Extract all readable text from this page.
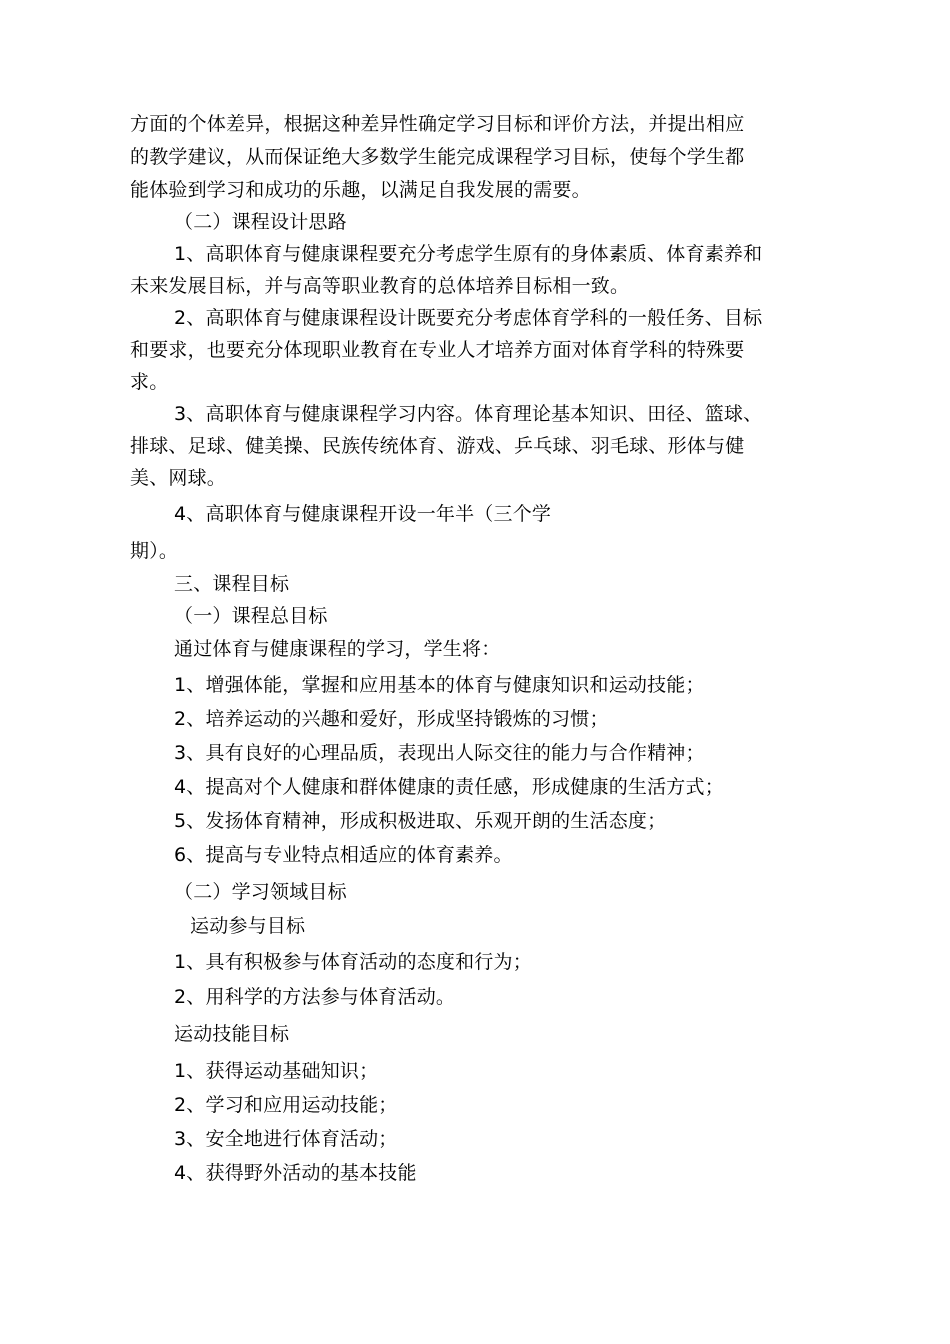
方面的个体差异，根据这种差异性确定学习目标和评价方法，并提出相应
的教学建议，从而保证绝大多数学生能完成课程学习目标，使每个学生都
能体验到学习和成功的乐趣，以满足自我发展的需要。
（二）课程设计思路
1、高职体育与健康课程要充分考虑学生原有的身体素质、体育素养和
未来发展目标，并与高等职业教育的总体培养目标相一致。
2、高职体育与健康课程设计既要充分考虑体育学科的一般任务、目标
和要求，也要充分体现职业教育在专业人才培养方面对体育学科的特殊要
求。
3、高职体育与健康课程学习内容。体育理论基本知识、田径、篮球、
排球、足球、健美操、民族传统体育、游戏、乒乓球、羽毛球、形体与健
美、网球。
4、高职体育与健康课程开设一年半（三个学
期）。
三、课程目标
（一）课程总目标
通过体育与健康课程的学习，学生将：
1、增强体能，掌握和应用基本的体育与健康知识和运动技能；
2、培养运动的兴趣和爱好，形成坚持锻炼的习惯；
3、具有良好的心理品质，表现出人际交往的能力与合作精神；
4、提高对个人健康和群体健康的责任感，形成健康的生活方式；
5、发扬体育精神，形成积极进取、乐观开朗的生活态度；
6、提高与专业特点相适应的体育素养。
（二）学习领域目标
运动参与目标
1、具有积极参与体育活动的态度和行为；
2、用科学的方法参与体育活动。
运动技能目标
1、获得运动基础知识；
2、学习和应用运动技能；
3、安全地进行体育活动；
4、获得野外活动的基本技能
